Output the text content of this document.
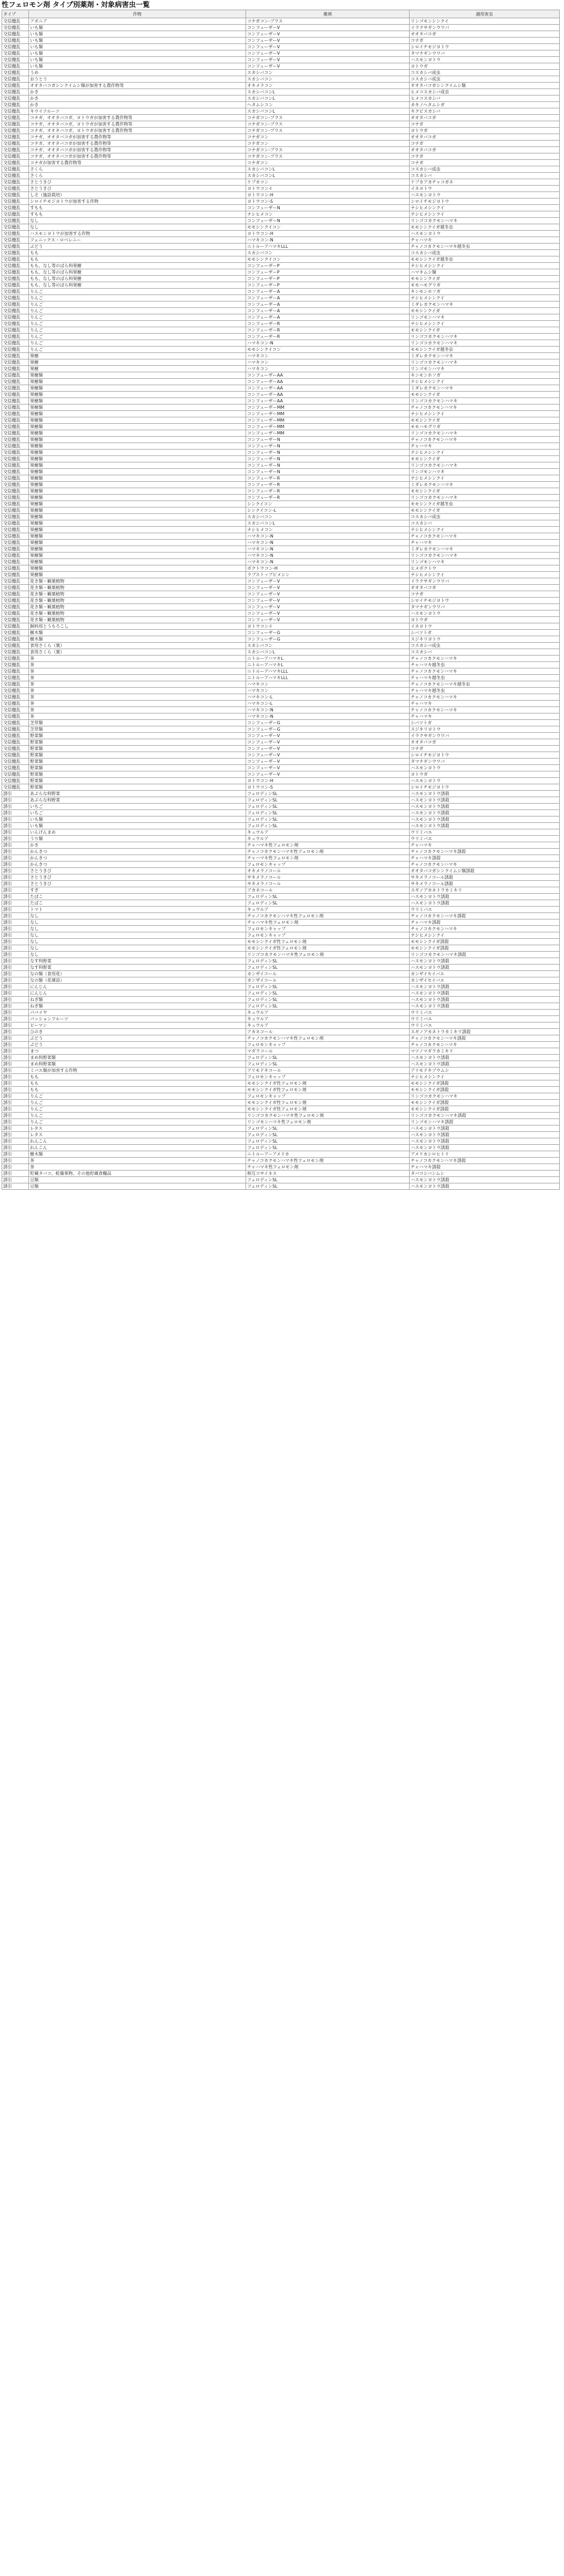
性フェロモン剤 タイプ別薬剤・対象病害虫一覧
タイプ	作物	薬剤	適用害虫
交信攪乱	アボニア	コナガコン-プラス	リンゴモンシンクイ
交信攪乱	いも類	コンフューザーV	イラクサギンウワバ
交信攪乱	いも類	コンフューザーV	オオタバコガ
交信攪乱	いも類	コンフューザーV	コナガ
交信攪乱	いも類	コンフューザーV	シロイチモジヨトウ
交信攪乱	いも類	コンフューザーV	タマナギンウワバ
交信攪乱	いも類	コンフューザーV	ハスモンヨトウ
交信攪乱	いも類	コンフューザーV	ヨトウガ
交信攪乱	うめ	スカシバコン	コスカシバ成虫
交信攪乱	おうとう	スカシバコン	コスカシバ成虫
交信攪乱	オオタバコガシンクイムシ類が加害する農作物等	オキメラコン	オオタバコガシンクイムシ類
交信攪乱	かき	スカシバコンL	ヒメコスカシバ成虫
交信攪乱	かき	スカシバコンL	ヒメコスカシバ
交信攪乱	かき	ヘタムシコン	カキノヘタムシガ
交信攪乱	キウイフルーツ	スカシバコンL	キクビスカシバ
交信攪乱	コナガ、オオタバコガ、ヨトウガが加害する農作物等	コナガコン-プラス	オオタバコガ
交信攪乱	コナガ、オオタバコガ、ヨトウガが加害する農作物等	コナガコン-プラス	コナガ
交信攪乱	コナガ、オオタバコガ、ヨトウガが加害する農作物等	コナガコン-プラス	ヨトウガ
交信攪乱	コナガ、オオタバコガが加害する農作物等	コナガコン	オオタバコガ
交信攪乱	コナガ、オオタバコガが加害する農作物等	コナガコン	コナガ
交信攪乱	コナガ、オオタバコガが加害する農作物等	コナガコン-プラス	オオタバコガ
交信攪乱	コナガ、オオタバコガが加害する農作物等	コナガコン-プラス	コナガ
交信攪乱	コナガが加害する農作物等	コナガコン	コナガ
交信攪乱	さくら	スカシバコンL	コスカシバ成虫
交信攪乱	さくら	スカシバコンL	コスカシバ
交信攪乱	さとうきび	ケブカコン	ケブカアカチャコガネ
交信攪乱	さとうきび	ヨトウコン-I	イネヨトウ
交信攪乱	しそ（施設栽培）	ヨトウコン-H	ハスモンヨトウ
交信攪乱	シロイチモジヨトウが加害する作物	ヨトウコン-S	シロイチモジヨトウ
交信攪乱	すもも	コンフューザーN	ナシヒメシンクイ
交信攪乱	すもも	ナシヒメコン	ナシヒメシンクイ
交信攪乱	なし	コンフューザーN	リンゴコカクモンハマキ
交信攪乱	なし	モモシンクイコン	モモシンクイガ越冬虫
交信攪乱	ハスモンヨトウが加害する作物	ヨトウコン-H	ハスモンヨトウ
交信攪乱	フェニックス・ロベレニー	ハマキコン-N	チャハマキ
交信攪乱	ぶどう	ニトルーアハマキLLL	チャノコカクモンハマキ越冬虫
交信攪乱	もも	スカシバコン	コスカシバ成虫
交信攪乱	もも	モモシンクイコン	モモシンクイガ越冬虫
交信攪乱	もも、なし等のばら科果樹	コンフューザーP	ナシヒメシンクイ
交信攪乱	もも、なし等のばら科果樹	コンフューザーP	ハマキムシ類
交信攪乱	もも、なし等のばら科果樹	コンフューザーP	モモシンクイガ
交信攪乱	もも、なし等のばら科果樹	コンフューザーP	モモハモグリガ
交信攪乱	りんご	コンフューザーA	キンモンホソガ
交信攪乱	りんご	コンフューザーA	ナシヒメシンクイ
交信攪乱	りんご	コンフューザーA	ミダレカクモンハマキ
交信攪乱	りんご	コンフューザーA	モモシンクイガ
交信攪乱	りんご	コンフューザーA	リンゴモンハマキ
交信攪乱	りんご	コンフューザーR	ナシヒメシンクイ
交信攪乱	りんご	コンフューザーR	モモシンクイガ
交信攪乱	りんご	コンフューザーR	リンゴコカクモンハマキ
交信攪乱	りんご	ハマキコン-N	リンゴコカクモンハマキ
交信攪乱	りんご	モモシンクイコン	モモシンクイガ越冬虫
交信攪乱	果樹	ハマキコン	ミダレカクモンハマキ
交信攪乱	果樹	ハマキコン	リンゴコカクモンハマキ
交信攪乱	果樹	ハマキコン	リンゴモンハマキ
交信攪乱	果樹類	コンフューザーAA	キンモンホソガ
交信攪乱	果樹類	コンフューザーAA	ナシヒメシンクイ
交信攪乱	果樹類	コンフューザーAA	ミダレカクモンハマキ
交信攪乱	果樹類	コンフューザーAA	モモシンクイガ
交信攪乱	果樹類	コンフューザーAA	リンゴコカクモンハマキ
交信攪乱	果樹類	コンフューザーMM	チャノコカクモンハマキ
交信攪乱	果樹類	コンフューザーMM	ナシヒメシンクイ
交信攪乱	果樹類	コンフューザーMM	モモシンクイガ
交信攪乱	果樹類	コンフューザーMM	モモハモグリガ
交信攪乱	果樹類	コンフューザーMM	リンゴコカクモンハマキ
交信攪乱	果樹類	コンフューザーN	チャノコカクモンハマキ
交信攪乱	果樹類	コンフューザーN	チャハマキ
交信攪乱	果樹類	コンフューザーN	ナシヒメシンクイ
交信攪乱	果樹類	コンフューザーN	モモシンクイガ
交信攪乱	果樹類	コンフューザーN	リンゴコカクモンハマキ
交信攪乱	果樹類	コンフューザーN	リンゴモンハマキ
交信攪乱	果樹類	コンフューザーR	ナシヒメシンクイ
交信攪乱	果樹類	コンフューザーR	ミダレカクモンハマキ
交信攪乱	果樹類	コンフューザーR	モモシンクイガ
交信攪乱	果樹類	コンフューザーR	リンゴコカクモンハマキ
交信攪乱	果樹類	シンクイコン	モモシンクイガ越冬虫
交信攪乱	果樹類	シンクイコン-L	モモシンクイガ
交信攪乱	果樹類	スカシバコン	コスカシバ成虫
交信攪乱	果樹類	スカシバコンL	コスカシバ
交信攪乱	果樹類	ナシヒメコン	ナシヒメシンクイ
交信攪乱	果樹類	ハマキコン-N	チャノコカクモンハマキ
交信攪乱	果樹類	ハマキコン-N	チャハマキ
交信攪乱	果樹類	ハマキコン-N	ミダレカクモンハマキ
交信攪乱	果樹類	ハマキコン-N	リンゴコカクモンハマキ
交信攪乱	果樹類	ハマキコン-N	リンゴモンハマキ
交信攪乱	果樹類	ボクトウコン-H	ヒメボクトウ
交信攪乱	果樹類	ラブストップピメシン	ナシヒメシンクイ
交信攪乱	花き類・観葉植物	コンフューザーV	イラクサギンウワバ
交信攪乱	花き類・観葉植物	コンフューザーV	オオタバコガ
交信攪乱	花き類・観葉植物	コンフューザーV	コナガ
交信攪乱	花き類・観葉植物	コンフューザーV	シロイチモジヨトウ
交信攪乱	花き類・観葉植物	コンフューザーV	タマナギンウワバ
交信攪乱	花き類・観葉植物	コンフューザーV	ハスモンヨトウ
交信攪乱	花き類・観葉植物	コンフューザーV	ヨトウガ
交信攪乱	飼料用とうもろこし	ヨトウコン-I	イネヨトウ
交信攪乱	樹木類	コンフューザーG	シバツトガ
交信攪乱	樹木類	コンフューザーG	スジキリヨトウ
交信攪乱	食用さくら（葉）	スカシバコン	コスカシバ成虫
交信攪乱	食用さくら（葉）	スカシバコンL	コスカシバ
交信攪乱	茶	ニトルーアハマキL	チャノコカクモンハマキ
交信攪乱	茶	ニトルーアハマキL	チャハマキ越冬虫
交信攪乱	茶	ニトルーアハマキLLL	チャノコカクモンハマキ
交信攪乱	茶	ニトルーアハマキLLL	チャハマキ越冬虫
交信攪乱	茶	ハマキコン	チャノコカクモンハマキ越冬虫
交信攪乱	茶	ハマキコン	チャハマキ越冬虫
交信攪乱	茶	ハマキコン-L	チャノコカクモンハマキ
交信攪乱	茶	ハマキコン-L	チャハマキ
交信攪乱	茶	ハマキコン-N	チャノコカクモンハマキ
交信攪乱	茶	ハマキコン-N	チャハマキ
交信攪乱	芝草類	コンフューザーG	シバツトガ
交信攪乱	芝草類	コンフューザーG	スジキリヨトウ
交信攪乱	野菜類	コンフューザーV	イラクサギンウワバ
交信攪乱	野菜類	コンフューザーV	オオタバコガ
交信攪乱	野菜類	コンフューザーV	コナガ
交信攪乱	野菜類	コンフューザーV	シロイチモジヨトウ
交信攪乱	野菜類	コンフューザーV	タマナギンウワバ
交信攪乱	野菜類	コンフューザーV	ハスモンヨトウ
交信攪乱	野菜類	コンフューザーV	ヨトウガ
交信攪乱	野菜類	ヨトウコン-H	ハスモンヨトウ
交信攪乱	野菜類	ヨトウコン-S	シロイチモジヨトウ
誘引	あぶらな科野菜	フェロディンSL	ハスモンヨトウ誘殺
誘引	あぶらな科野菜	フェロディンSL	ハスモンヨトウ誘殺
誘引	いちご	フェロディンSL	ハスモンヨトウ誘殺
誘引	いちご	フェロディンSL	ハスモンヨトウ誘殺
誘引	いも類	フェロディンSL	ハスモンヨトウ誘殺
誘引	いも類	フェロディンSL	ハスモンヨトウ誘殺
誘引	いんげんまめ	キュウルア	ウリミバエ
誘引	うり類	キュウルア	ウリミバエ
誘引	かき	チャハマキ性フェロモン剤	チャハマキ
誘引	かんきつ	チャノコカクモンハマキ性フェロモン剤	チャノコカクモンハマキ誘殺
誘引	かんきつ	チャハマキ性フェロモン剤	チャハマキ誘殺
誘引	かんきつ	フェロモンキャップ	チャノコカクモンハマキ
誘引	さとうきび	オキメラノコール	オオタバコガシンクイムシ類誘殺
誘引	さとうきび	サキメラノコール	サキメラノコール誘殺
誘引	さとうきび	サキメラノコール	サキメラノコール誘殺
誘引	すぎ	アカネコール	スギノアカネトラカミキリ
誘引	たばこ	フェロディンSL	ハスモンヨトウ誘殺
誘引	たばこ	フェロディンSL	ハスモンヨトウ誘殺
誘引	トマト	キュウルア	ウリミバエ
誘引	なし	チャノコカクモンハマキ性フェロモン剤	チャノコカクモンハマキ誘殺
誘引	なし	チャハマキ性フェロモン剤	チャハマキ誘殺
誘引	なし	フェロモンキャップ	チャノコカクモンハマキ
誘引	なし	フェロモンキャップ	ナシヒメシンクイ
誘引	なし	モモシンクイガ性フェロモン剤	モモシンクイガ誘殺
誘引	なし	モモシンクイガ性フェロモン剤	モモシンクイガ誘殺
誘引	なし	リンゴコカクモンハマキ性フェロモン剤	リンゴコカクモンハマキ誘殺
誘引	なす科野菜	フェロディンSL	ハスモンヨトウ誘殺
誘引	なす科野菜	フェロディンSL	ハスモンヨトウ誘殺
誘引	なの類（食用花）	カンザイコール	カンザイセイバエ
誘引	なの類（花壇苗）	カンザイコール	カンザイセイバエ
誘引	にんじん	フェロディンSL	ハスモンヨトウ誘殺
誘引	にんじん	フェロディンSL	ハスモンヨトウ誘殺
誘引	ねぎ類	フェロディンSL	ハスモンヨトウ誘殺
誘引	ねぎ類	フェロディンSL	ハスモンヨトウ誘殺
誘引	パパイヤ	キュウルア	ウリミバエ
誘引	パッションフルーツ	キュウルア	ウリミバエ
誘引	ピーマン	キュウルア	ウリミバエ
誘引	ひのき	アカネコール	スギノアカネトラカミキリ誘殺
誘引	ぶどう	チャノコカクモンハマキ性フェロモン剤	チャノコカクモンハマキ誘殺
誘引	ぶどう	フェロモンキャップ	チャノコカクモンハマキ
誘引	まつ	マダラコール	マツノマダラカミキリ
誘引	まめ科野菜類	フェロディンSL	ハスモンヨトウ誘殺
誘引	まめ科野菜類	フェロディンSL	ハスモンヨトウ誘殺
誘引	ミバエ類が加害する作物	アリモドキコール	アリモドキゾウムシ
誘引	もも	フェロモンキャップ	ナシヒメシンクイ
誘引	もも	モモシンクイガ性フェロモン剤	モモシンクイガ誘殺
誘引	もも	モモシンクイガ性フェロモン剤	モモシンクイガ誘殺
誘引	りんご	フェロモンキャップ	リンゴコカクモンハマキ
誘引	りんご	モモシンクイガ性フェロモン剤	モモシンクイガ誘殺
誘引	りんご	モモシンクイガ性フェロモン剤	モモシンクイガ誘殺
誘引	りんご	リンゴコカクモンハマキ性フェロモン剤	リンゴコカクモンハマキ誘殺
誘引	りんご	リンゴモンハマキ性フェロモン剤	リンゴモンハマキ誘殺
誘引	レタス	フェロディンSL	ハスモンヨトウ誘殺
誘引	レタス	フェロディンSL	ハスモンヨトウ誘殺
誘引	れんこん	フェロディンSL	ハスモンヨトウ誘殺
誘引	れんこん	フェロディンSL	ハスモンヨトウ誘殺
誘引	樹木類	ニトルーアーアメリカ	アメリカシロヒトリ
誘引	茶	チャノコカクモンハマキ性フェロモン剤	チャノコカクモンハマキ誘殺
誘引	茶	チャハマキ性フェロモン剤	チャハマキ誘殺
誘引	貯蔵タバコ、乾燥果物、その他貯蔵食糧品	相互コサイネス	タバコシバンムシ
誘引	豆類	フェロディンSL	ハスモンヨトウ誘殺
誘引	豆類	フェロディンSL	ハスモンヨトウ誘殺
